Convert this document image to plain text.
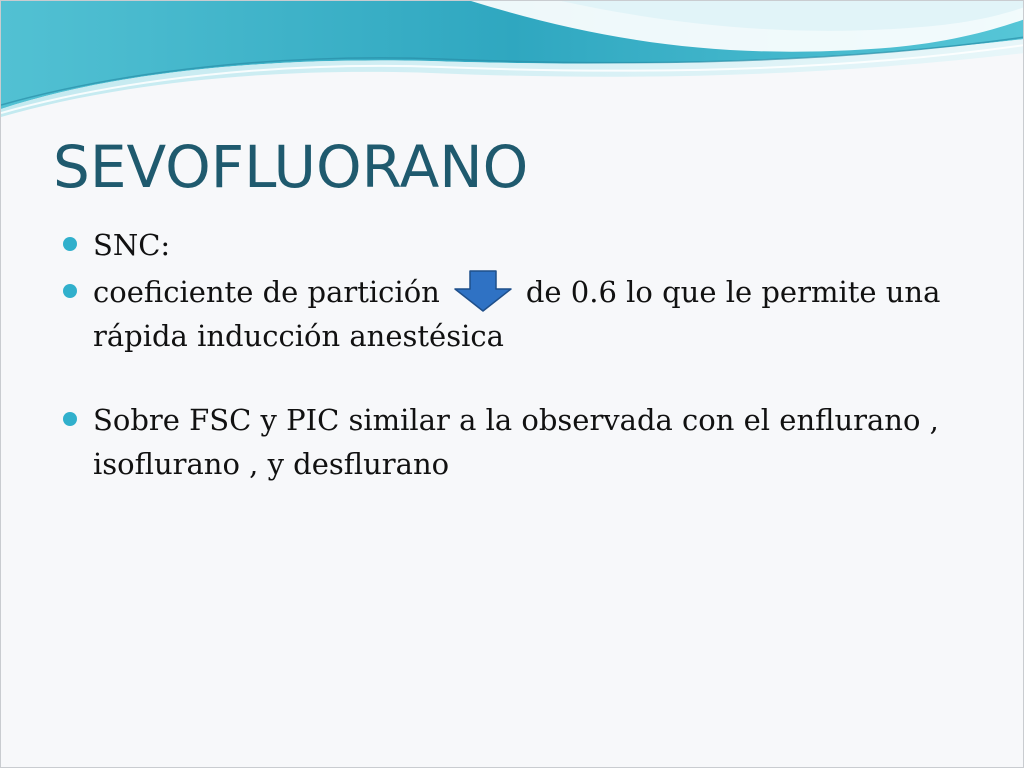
SEVOFLUORANO
SNC:
coeficiente de partición	de 0.6 lo que le permite una rápida inducción anestésica
Sobre FSC y PIC similar a la observada con el enflurano , isoflurano , y desflurano
